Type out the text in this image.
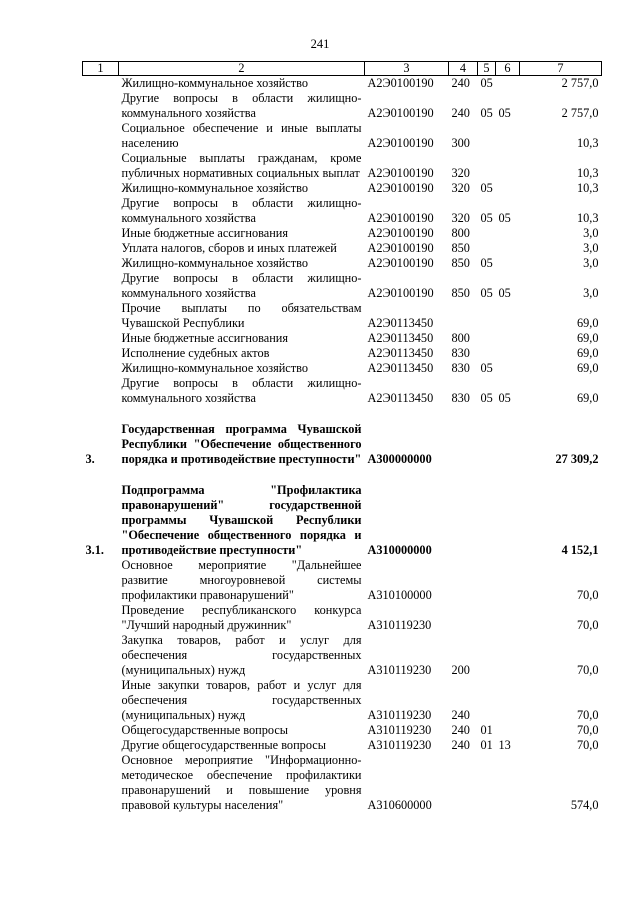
241
1	2	3	4	5	6	7
	Жилищно-коммунальное хозяйство	А2Э0100190	240	05		2 757,0
	Другие вопросы в области жилищно-коммунального хозяйства	А2Э0100190	240	05	05	2 757,0
	Социальное обеспечение и иные выплаты населению	А2Э0100190	300			10,3
	Социальные выплаты гражданам, кроме публичных нормативных социальных выплат	А2Э0100190	320			10,3
	Жилищно-коммунальное хозяйство	А2Э0100190	320	05		10,3
	Другие вопросы в области жилищно-коммунального хозяйства	А2Э0100190	320	05	05	10,3
	Иные бюджетные ассигнования	А2Э0100190	800			3,0
	Уплата налогов, сборов и иных платежей	А2Э0100190	850			3,0
	Жилищно-коммунальное хозяйство	А2Э0100190	850	05		3,0
	Другие вопросы в области жилищно-коммунального хозяйства	А2Э0100190	850	05	05	3,0
	Прочие выплаты по обязательствам Чувашской Республики	А2Э0113450				69,0
	Иные бюджетные ассигнования	А2Э0113450	800			69,0
	Исполнение судебных актов	А2Э0113450	830			69,0
	Жилищно-коммунальное хозяйство	А2Э0113450	830	05		69,0
	Другие вопросы в области жилищно-коммунального хозяйства	А2Э0113450	830	05	05	69,0

3.	Государственная программа Чувашской Республики "Обеспечение общественного порядка и противодействие преступности"	А300000000				27 309,2

3.1.	Подпрограмма "Профилактика правонарушений" государственной программы Чувашской Республики "Обеспечение общественного порядка и противодействие преступности"	А310000000				4 152,1
	Основное мероприятие "Дальнейшее развитие многоуровневой системы профилактики правонарушений"	А310100000				70,0
	Проведение республиканского конкурса "Лучший народный дружинник"	А310119230				70,0
	Закупка товаров, работ и услуг для обеспечения государственных (муниципальных) нужд	А310119230	200			70,0
	Иные закупки товаров, работ и услуг для обеспечения государственных (муниципальных) нужд	А310119230	240			70,0
	Общегосударственные вопросы	А310119230	240	01		70,0
	Другие общегосударственные вопросы	А310119230	240	01	13	70,0
	Основное мероприятие "Информационно-методическое обеспечение профилактики правонарушений и повышение уровня правовой культуры населения"	А310600000				574,0
